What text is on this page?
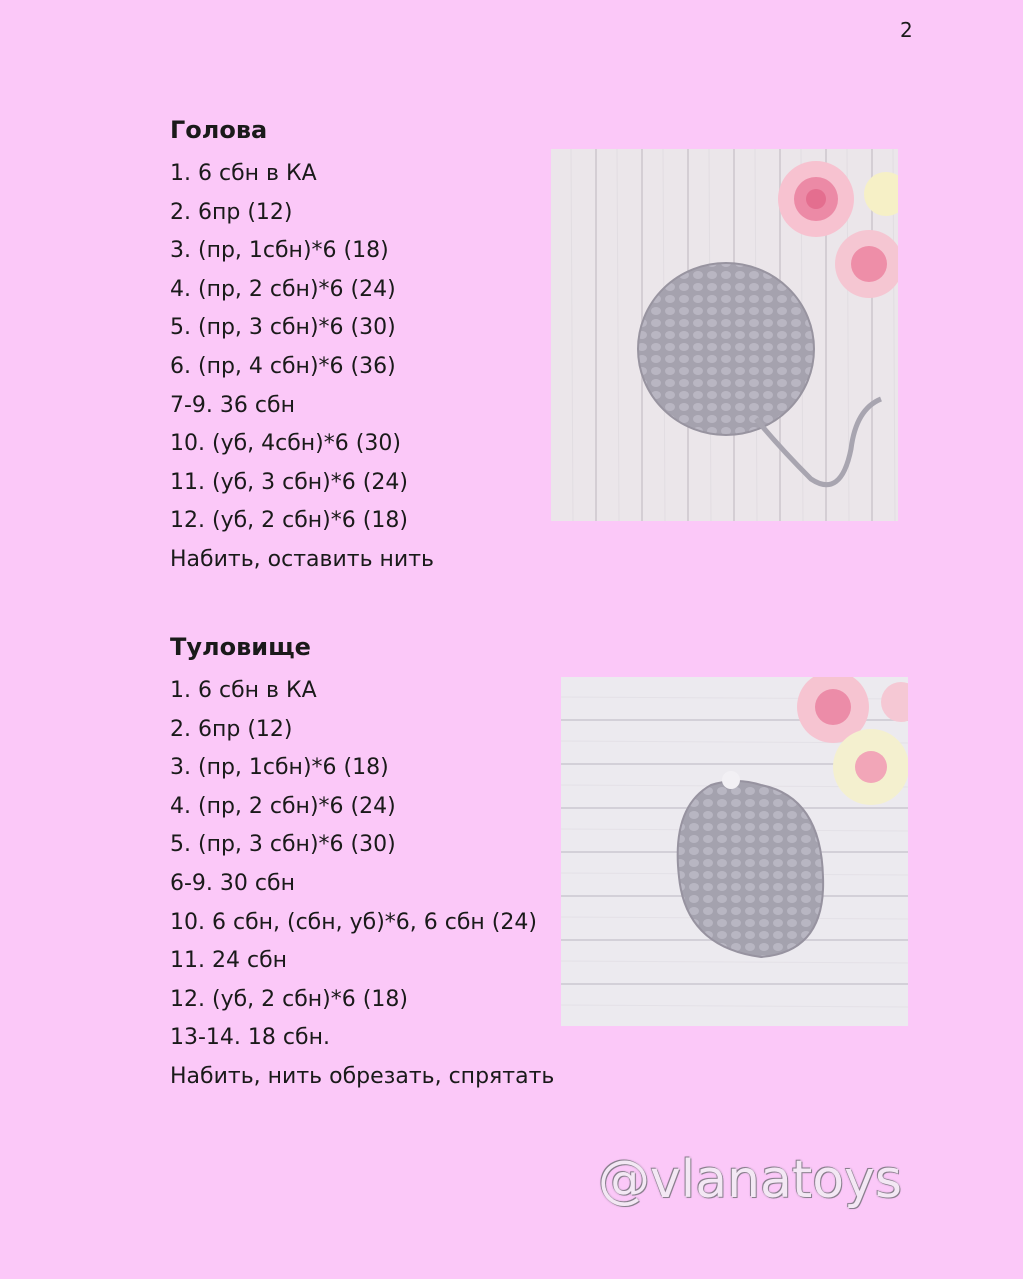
2
Голова
1. 6 сбн в КА
2. 6пр (12)
3. (пр, 1сбн)*6 (18)
4. (пр, 2 сбн)*6 (24)
5. (пр, 3 сбн)*6 (30)
6. (пр, 4 сбн)*6 (36)
7-9. 36 сбн
10. (уб, 4сбн)*6 (30)
11. (уб, 3 сбн)*6 (24)
12. (уб, 2 сбн)*6 (18)
Набить, оставить нить
Туловище
1. 6 сбн в КА
2. 6пр (12)
3. (пр, 1сбн)*6 (18)
4. (пр, 2 сбн)*6 (24)
5. (пр, 3 сбн)*6 (30)
6-9. 30 сбн
10. 6 сбн, (сбн, уб)*6, 6 сбн (24)
11. 24 сбн
12. (уб, 2 сбн)*6 (18)
13-14. 18 сбн.
Набить, нить обрезать, спрятать
@vlanatoys
